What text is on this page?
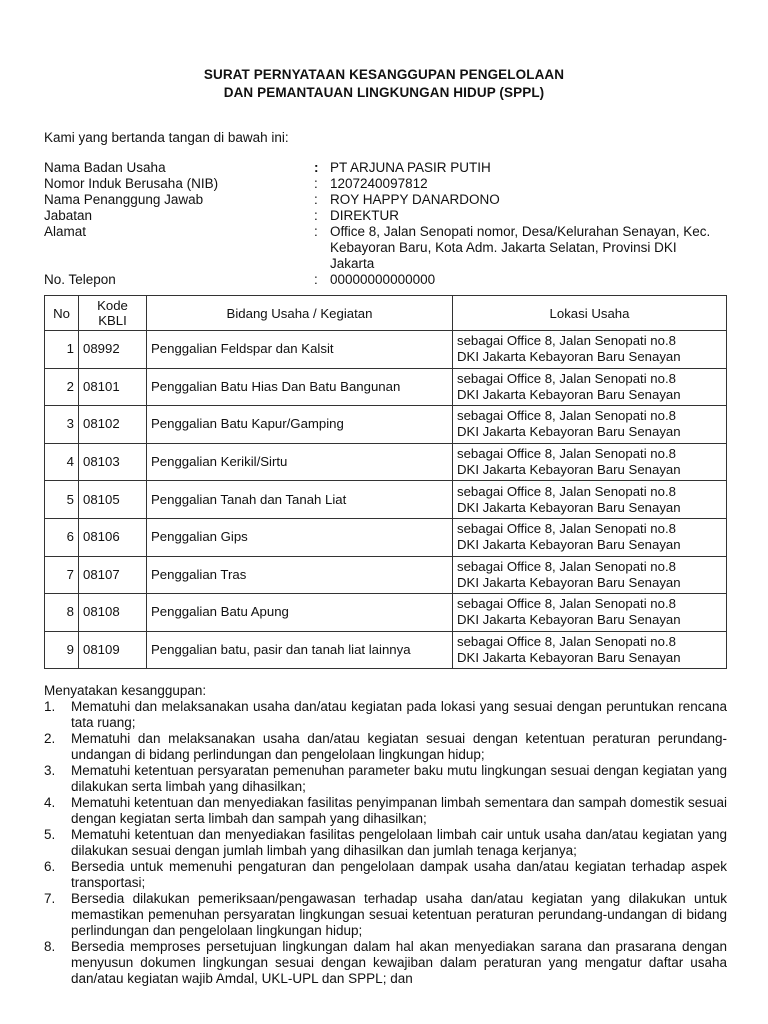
SURAT PERNYATAAN KESANGGUPAN PENGELOLAAN
DAN PEMANTAUAN LINGKUNGAN HIDUP (SPPL)
Kami yang bertanda tangan di bawah ini:
Nama Badan Usaha	: PT ARJUNA PASIR PUTIH
Nomor Induk Berusaha (NIB)	: 1207240097812
Nama Penanggung Jawab	: ROY HAPPY DANARDONO
Jabatan	: DIREKTUR
Alamat	: Office 8, Jalan Senopati nomor, Desa/Kelurahan Senayan, Kec. Kebayoran Baru, Kota Adm. Jakarta Selatan, Provinsi DKI Jakarta
No. Telepon	: 00000000000000
No	Kode KBLI	Bidang Usaha / Kegiatan	Lokasi Usaha
1	08992	Penggalian Feldspar dan Kalsit	sebagai Office 8, Jalan Senopati no.8
DKI Jakarta Kebayoran Baru Senayan

2	08101	Penggalian Batu Hias Dan Batu Bangunan	sebagai Office 8, Jalan Senopati no.8
DKI Jakarta Kebayoran Baru Senayan

3	08102	Penggalian Batu Kapur/Gamping	sebagai Office 8, Jalan Senopati no.8
DKI Jakarta Kebayoran Baru Senayan

4	08103	Penggalian Kerikil/Sirtu	sebagai Office 8, Jalan Senopati no.8
DKI Jakarta Kebayoran Baru Senayan

5	08105	Penggalian Tanah dan Tanah Liat	sebagai Office 8, Jalan Senopati no.8
DKI Jakarta Kebayoran Baru Senayan

6	08106	Penggalian Gips	sebagai Office 8, Jalan Senopati no.8
DKI Jakarta Kebayoran Baru Senayan

7	08107	Penggalian Tras	sebagai Office 8, Jalan Senopati no.8
DKI Jakarta Kebayoran Baru Senayan

8	08108	Penggalian Batu Apung	sebagai Office 8, Jalan Senopati no.8
DKI Jakarta Kebayoran Baru Senayan

9	08109	Penggalian batu, pasir dan tanah liat lainnya	sebagai Office 8, Jalan Senopati no.8
DKI Jakarta Kebayoran Baru Senayan
Menyatakan kesanggupan:
1.	Mematuhi dan melaksanakan usaha dan/atau kegiatan pada lokasi yang sesuai dengan peruntukan rencana tata ruang;
2.	Mematuhi dan melaksanakan usaha dan/atau kegiatan sesuai dengan ketentuan peraturan perundang-undangan di bidang perlindungan dan pengelolaan lingkungan hidup;
3.	Mematuhi ketentuan persyaratan pemenuhan parameter baku mutu lingkungan sesuai dengan kegiatan yang dilakukan serta limbah yang dihasilkan;
4.	Mematuhi ketentuan dan menyediakan fasilitas penyimpanan limbah sementara dan sampah domestik sesuai dengan kegiatan serta limbah dan sampah yang dihasilkan;
5.	Mematuhi ketentuan dan menyediakan fasilitas pengelolaan limbah cair untuk usaha dan/atau kegiatan yang dilakukan sesuai dengan jumlah limbah yang dihasilkan dan jumlah tenaga kerjanya;
6.	Bersedia untuk memenuhi pengaturan dan pengelolaan dampak usaha dan/atau kegiatan terhadap aspek transportasi;
7.	Bersedia dilakukan pemeriksaan/pengawasan terhadap usaha dan/atau kegiatan yang dilakukan untuk memastikan pemenuhan persyaratan lingkungan sesuai ketentuan peraturan perundang-undangan di bidang perlindungan dan pengelolaan lingkungan hidup;
8.	Bersedia memproses persetujuan lingkungan dalam hal akan menyediakan sarana dan prasarana dengan menyusun dokumen lingkungan sesuai dengan kewajiban dalam peraturan yang mengatur daftar usaha dan/atau kegiatan wajib Amdal, UKL-UPL dan SPPL; dan
